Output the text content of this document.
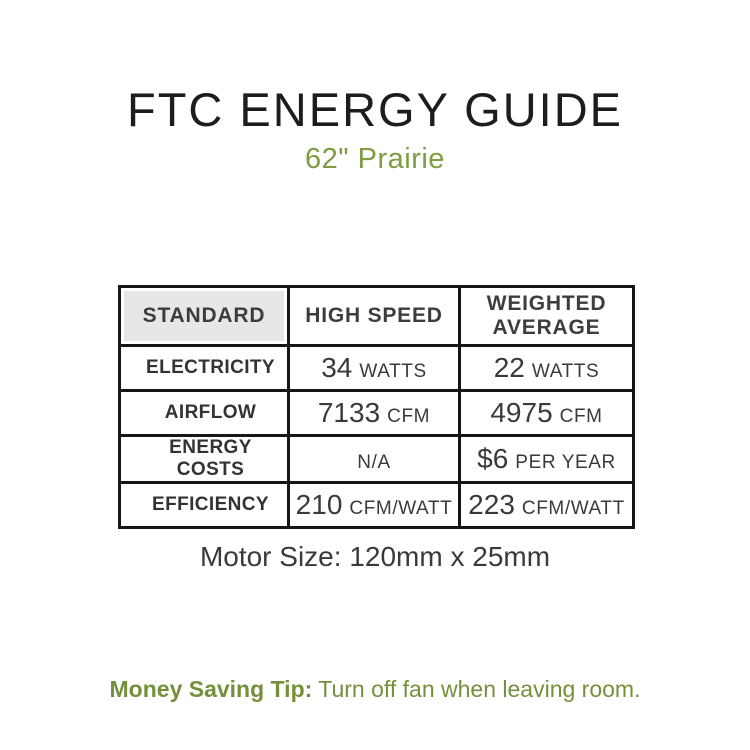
FTC ENERGY GUIDE
62" Prairie
STANDARD	HIGH SPEED	WEIGHTED AVERAGE
ELECTRICITY	34 WATTS	22 WATTS
AIRFLOW	7133 CFM	4975 CFM
ENERGY COSTS	N/A	$6 PER YEAR
EFFICIENCY	210 CFM/WATT	223 CFM/WATT
Motor Size: 120mm x 25mm
Money Saving Tip: Turn off fan when leaving room.
